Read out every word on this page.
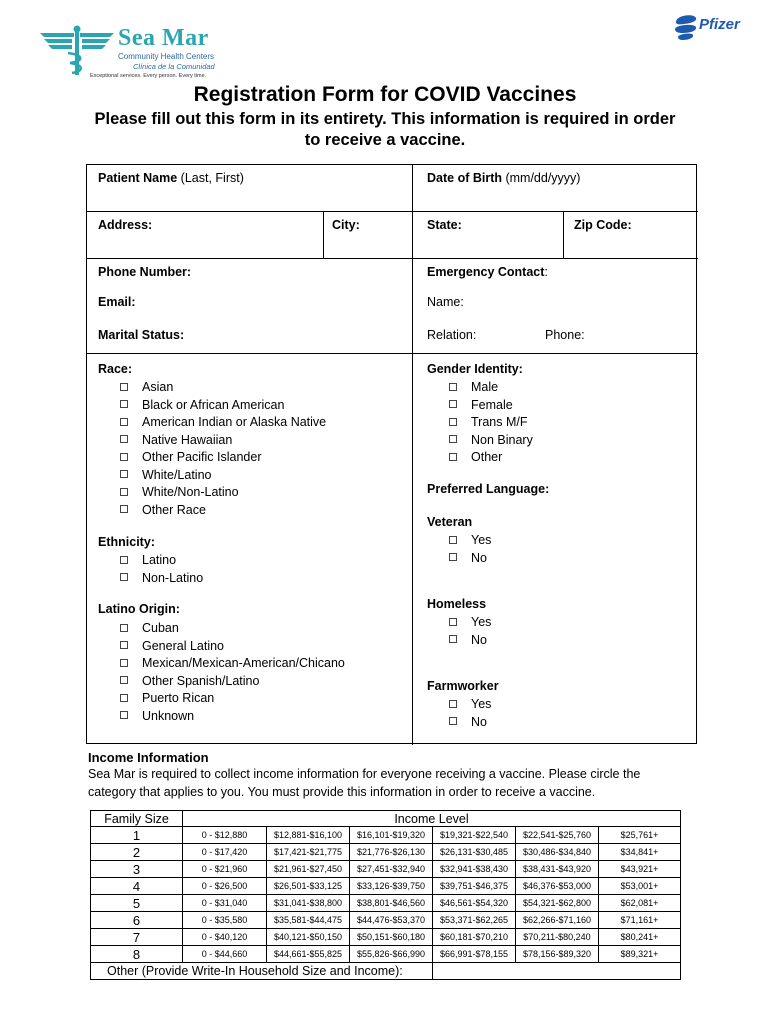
Sea Mar
Community Health Centers
Clínica de la Comunidad
Exceptional services. Every person. Every time.
Pfizer
Registration Form for COVID Vaccines
Please fill out this form in its entirety. This information is required in order to receive a vaccine.
Patient Name (Last, First)	Date of Birth (mm/dd/yyyy)
Address:	City:	State:	Zip Code:
Phone Number:
Email:
Marital Status:
Emergency Contact:
Name:
Relation:	Phone:
Race:
Asian
Black or African American
American Indian or Alaska Native
Native Hawaiian
Other Pacific Islander
White/Latino
White/Non-Latino
Other Race
Ethnicity:
Latino
Non-Latino
Latino Origin:
Cuban
General Latino
Mexican/Mexican-American/Chicano
Other Spanish/Latino
Puerto Rican
Unknown
Gender Identity:
Male
Female
Trans M/F
Non Binary
Other
Preferred Language:
Veteran
Yes
No
Homeless
Yes
No
Farmworker
Yes
No
Income Information
Sea Mar is required to collect income information for everyone receiving a vaccine. Please circle the category that applies to you. You must provide this information in order to receive a vaccine.
Family Size	Income Level					
1	0 - $12,880	$12,881-$16,100	$16,101-$19,320	$19,321-$22,540	$22,541-$25,760	$25,761+
2	0 - $17,420	$17,421-$21,775	$21,776-$26,130	$26,131-$30,485	$30,486-$34,840	$34,841+
3	0 - $21,960	$21,961-$27,450	$27,451-$32,940	$32,941-$38,430	$38,431-$43,920	$43,921+
4	0 - $26,500	$26,501-$33,125	$33,126-$39,750	$39,751-$46,375	$46,376-$53,000	$53,001+
5	0 - $31,040	$31,041-$38,800	$38,801-$46,560	$46,561-$54,320	$54,321-$62,800	$62,081+
6	0 - $35,580	$35,581-$44,475	$44,476-$53,370	$53,371-$62,265	$62,266-$71,160	$71,161+
7	0 - $40,120	$40,121-$50,150	$50,151-$60,180	$60,181-$70,210	$70,211-$80,240	$80,241+
8	0 - $44,660	$44,661-$55,825	$55,826-$66,990	$66,991-$78,155	$78,156-$89,320	$89,321+
Other (Provide Write-In Household Size and Income):						
